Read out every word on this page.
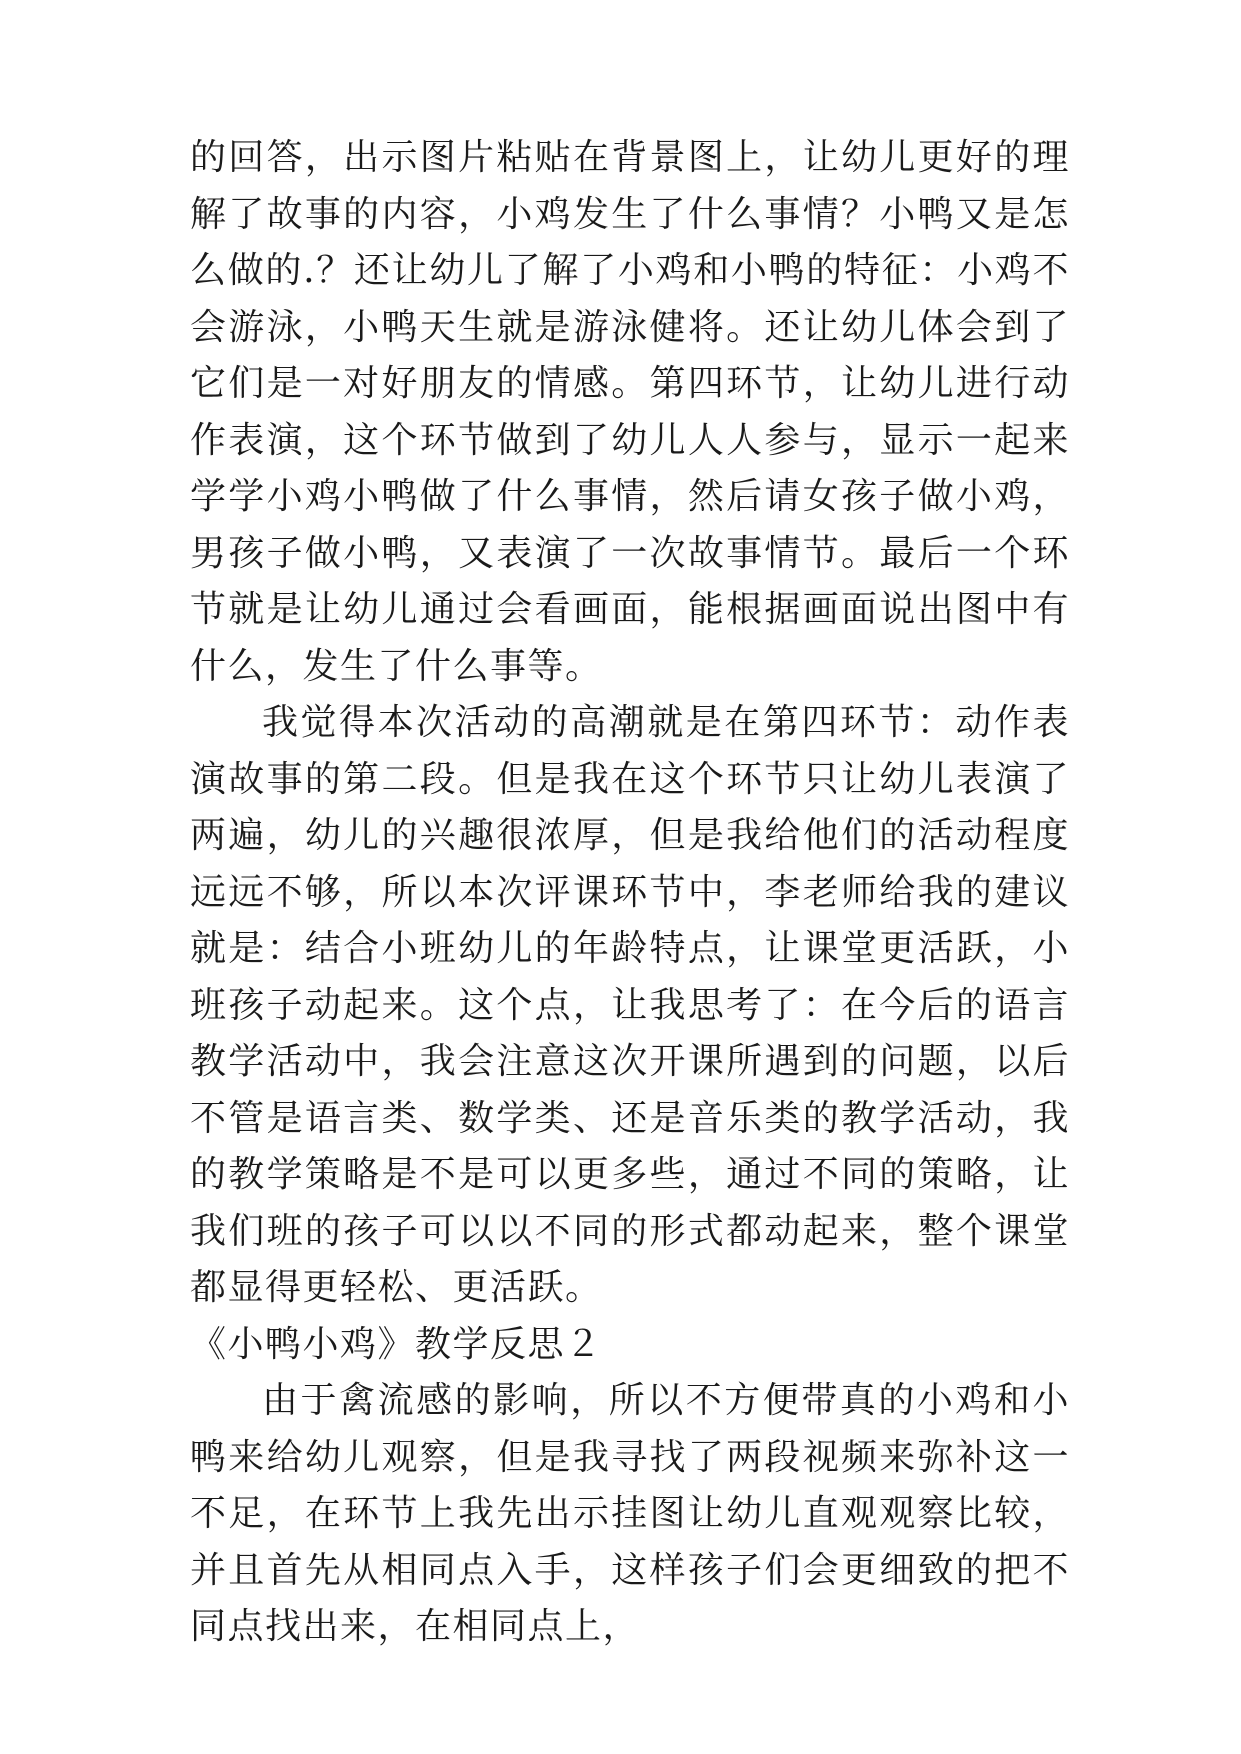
的回答，出示图片粘贴在背景图上，让幼儿更好的理解了故事的内容，小鸡发生了什么事情？小鸭又是怎么做的.？还让幼儿了解了小鸡和小鸭的特征：小鸡不会游泳，小鸭天生就是游泳健将。还让幼儿体会到了它们是一对好朋友的情感。第四环节，让幼儿进行动作表演，这个环节做到了幼儿人人参与，显示一起来学学小鸡小鸭做了什么事情，然后请女孩子做小鸡，男孩子做小鸭，又表演了一次故事情节。最后一个环节就是让幼儿通过会看画面，能根据画面说出图中有什么，发生了什么事等。

我觉得本次活动的高潮就是在第四环节：动作表演故事的第二段。但是我在这个环节只让幼儿表演了两遍，幼儿的兴趣很浓厚，但是我给他们的活动程度远远不够，所以本次评课环节中，李老师给我的建议就是：结合小班幼儿的年龄特点，让课堂更活跃，小班孩子动起来。这个点，让我思考了：在今后的语言教学活动中，我会注意这次开课所遇到的问题，以后不管是语言类、数学类、还是音乐类的教学活动，我的教学策略是不是可以更多些，通过不同的策略，让我们班的孩子可以以不同的形式都动起来，整个课堂都显得更轻松、更活跃。

《小鸭小鸡》教学反思２

由于禽流感的影响，所以不方便带真的小鸡和小鸭来给幼儿观察，但是我寻找了两段视频来弥补这一不足，在环节上我先出示挂图让幼儿直观观察比较，并且首先从相同点入手，这样孩子们会更细致的把不同点找出来，在相同点上，
